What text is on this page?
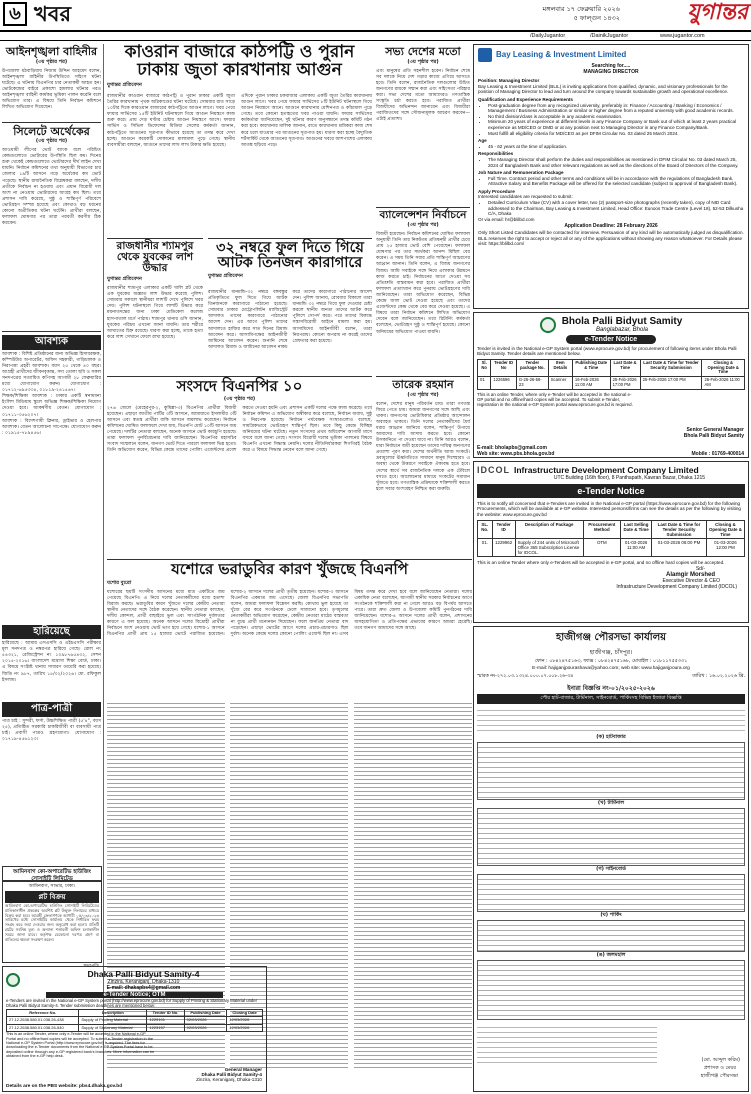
৬ খবর	মঙ্গলবার ১৭ ফেব্রুয়ারি ২০২৬
৫ ফাল্গুন ১৪৩২	যুগান্তর
/DailyJugantor	/DainikJugantor	www.jugantor.com
আইনশৃঙ্খলা বাহিনীর
(৩য় পৃষ্ঠার পর)
উপজেলা মঠবাড়িয়ায় নিজাম উদ্দিন আহমেদ বলেন, আইনশৃঙ্খলা বাহিনীর উপস্থিতিতে সহিংস ঘটনা ঘটেছে। এ ঘটনায় বিএনপির চার নেতাকর্মী আহত হন। ভোটকেন্দ্রের বাইরে প্রকাশ্যে হামলার ঘটনার পরও আইনশৃঙ্খলা বাহিনী কার্যকর ভূমিকা পালন করেনি বলে অভিযোগ তার। এ বিষয়ে তিনি নির্বাচন কমিশনে লিখিত অভিযোগ দিয়েছেন।
সিলেটে অর্থেকের
(৩য় পৃষ্ঠার পর)
আওয়ামী লীগের ভোট ব্যাংক বলে পরিচিত কেন্দ্রগুলোতে ভোটারের উপস্থিতি ছিল কম। দিনের শুরু থেকেই কেন্দ্রগুলোতে ভোটারদের দীর্ঘ লাইন দেখা যায়নি। নির্বাচন কমিশনের তথ্য অনুযায়ী বিভাগের চার জেলার ১৯টি আসনে গড়ে অর্ধেকের কম ভোট পড়েছে। স্থানীয় রাজনৈতিক বিশ্লেষকরা বলছেন, দলীয় প্রতীকে নির্বাচন না হওয়ায় এবং প্রধান বিরোধী দল অংশ না নেওয়ায় ভোটারদের আগ্রহ কম ছিল। তবে প্রশাসন দাবি করেছে, সুষ্ঠু ও শান্তিপূর্ণ পরিবেশে ভোটগ্রহণ সম্পন্ন হয়েছে এবং কোথাও বড় ধরনের কোনো অপ্রীতিকর ঘটনা ঘটেনি। প্রার্থীরা বলছেন, ফলাফল ঘোষণার পর তারা পরবর্তী করণীয় ঠিক করবেন।
আবশ্যক
আবশ্যক : বিশিষ্ট প্রতিষ্ঠানের জন্য অভিজ্ঞ হিসাবরক্ষক, কম্পিউটার অপারেটর, অফিস সহকারী, গাড়িচালক ও নিরাপত্তা প্রহরী আবশ্যক। বয়স ২৫ থেকে ৪০ বছর। আগ্রহী প্রার্থীদের জীবনবৃত্তান্ত, সদ্য তোলা ছবি ও সকল সনদপত্রের সত্যায়িত কপিসহ আগামী ২৮ ফেব্রুয়ারির মধ্যে যোগাযোগ করুন। যোগাযোগ : ০১৭১২-৬৯৫৩৩৪, ০১৮১৯-২৪১৫৬৭।
শিক্ষক/শিক্ষিকা আবশ্যক : ঢাকার একটি স্বনামধন্য ইংলিশ মিডিয়াম স্কুলে অভিজ্ঞ শিক্ষক/শিক্ষিকা নিয়োগ দেওয়া হবে। আকর্ষণীয় বেতন। যোগাযোগ : ০১৭১১-৩৫৬২০৭।
আবশ্যক : বিদেশগামী ক্লিনার, ড্রাইভার ও হেলপার আবশ্যক। বেতন আলোচনা সাপেক্ষে। যোগাযোগ করুন : ০১৯১৫-৭৮৯৪৫৬।
হারিয়েছে
হারিয়েছে : আমার এসএসসি ও এইচএসসি পরীক্ষার মূল সনদপত্র ও নম্বরপত্র হারিয়ে গেছে। রোল নং ৫৪৩২১, রেজিস্ট্রেশন নং ১০৯৮৭৬৫৪৩২, সেশন ২০১৫-২০১৬। বাংলাদেশ মাদ্রাসা শিক্ষা বোর্ড, ঢাকা। এ বিষয়ে সংশ্লিষ্ট থানায় সাধারণ ডায়েরি করা হয়েছে। জিডি নং ৯৮৭, তারিখ ১৫/০২/২০২৬। মো. রফিকুল ইসলাম।
পাত্র-পাত্রী
পাত্র চাই : সুন্দরী, ফর্সা, উচ্চশিক্ষিত পাত্রী (৫'৪", বয়স ২৫), প্রতিষ্ঠিত সরকারি চাকরিজীবী বা ব্যবসায়ী পাত্র চাই। প্রবাসী পাত্রও গ্রহণযোগ্য। যোগাযোগ : ০১৭১৯-৪৫৬১২৩।
কাওরান বাজারে কাঠপট্টি ও পুরান
ঢাকায় জুতা কারখানায় আগুন
যুগান্তর প্রতিবেদন
রাজধানীর কাওরান বাজারে কাঠপট্টি ও পুরান ঢাকার একটি জুতা তৈরির কারখানায় পৃথক অগ্নিকাণ্ডের ঘটনা ঘটেছে। সোমবার রাত সাড়ে ১০টার দিকে কারওয়ান বাজারের কাঠপট্টিতে আগুন লাগে। খবর পেয়ে ফায়ার সার্ভিসের ১৫টি ইউনিট ঘটনাস্থলে গিয়ে আগুন নিয়ন্ত্রণে কাজ শুরু করে। প্রায় দেড় ঘণ্টার চেষ্টায় আগুন নিয়ন্ত্রণে আসে। ফায়ার সার্ভিস ও সিভিল ডিফেন্সের মিডিয়া সেলের কর্মকর্তা জানান, কাঠপট্টিতে আগুনের সূত্রপাত কীভাবে হয়েছে তা তদন্ত করে দেখা হচ্ছে। আগুনে কয়েকটি দোকানের মালামাল পুড়ে গেছে। স্থানীয় ব্যবসায়ীরা বলছেন, আগুনে তাদের লাখ লাখ টাকার ক্ষতি হয়েছে।
এদিকে পুরান ঢাকার চকবাজার এলাকায় একটি জুতা তৈরির কারখানায় আগুন লাগে। খবর পেয়ে ফায়ার সার্ভিসের ৮টি ইউনিট ঘটনাস্থলে গিয়ে আগুন নিয়ন্ত্রণে আনে। আগুনে কারখানার মেশিনপত্র ও কাঁচামাল পুড়ে গেছে। তবে কোনো হতাহতের খবর পাওয়া যায়নি। ফায়ার সার্ভিসের কর্মকর্তারা জানিয়েছেন, দুই ঘটনার কারণ অনুসন্ধানে তদন্ত কমিটি গঠন করা হবে। কারখানার মালিক জানান, রাতে কারখানায় শ্রমিকরা কাজ শেষ করে চলে যাওয়ার পর আগুনের সূত্রপাত হয়। ধারণা করা হচ্ছে বৈদ্যুতিক শর্টসার্কিট থেকে আগুনের সূত্রপাত। আগুনের খবরে আশপাশের এলাকায় আতঙ্ক ছড়িয়ে পড়ে।
রাজধানীর শ্যামপুর থেকে যুবকের লাশ উদ্ধার
যুগান্তর প্রতিবেদন
রাজধানীর শ্যামপুর এলাকার একটি খালি প্লট থেকে এক যুবকের অজ্ঞাত লাশ উদ্ধার করেছে পুলিশ। সোমবার সকালে স্থানীয়রা লাশটি দেখে পুলিশে খবর দেয়। পুলিশ ঘটনাস্থলে গিয়ে লাশটি উদ্ধার করে ময়নাতদন্তের জন্য ঢাকা মেডিকেল কলেজ হাসপাতাল মর্গে পাঠায়। শ্যামপুর থানার ওসি জানান, যুবকের পরিচয় এখনো জানা যায়নি। তার শরীরে আঘাতের চিহ্ন রয়েছে। ধারণা করা হচ্ছে, তাকে হত্যা করে লাশ সেখানে ফেলে রাখা হয়েছে।
৩২ নম্বরে ফুল দিতে গিয়ে
আটক তিনজন কারাগারে
যুগান্তর প্রতিবেদন
রাজধানীর ধানমন্ডি-৩২ নম্বরে বঙ্গবন্ধুর প্রতিকৃতিতে ফুল দিতে গিয়ে আটক তিনজনকে কারাগারে পাঠানো হয়েছে। সোমবার ঢাকার মেট্রোপলিটন ম্যাজিস্ট্রেট আদালত তাদের কারাগারে পাঠানোর আদেশ দেন। এর আগে পুলিশ তাদের আদালতে হাজির করে সাত দিনের রিমান্ড আবেদন করে। আসামিপক্ষের আইনজীবী জামিনের আবেদন করেন। শুনানি শেষে আদালত রিমান্ড ও জামিনের আবেদন নাকচ করে তাদের কারাগারে পাঠানোর আদেশ দেন। পুলিশ জানায়, রোববার বিকালে তারা ধানমন্ডি ৩২ নম্বরে গিয়ে ফুল দেওয়ার চেষ্টা করলে স্থানীয় জনতা তাদের আটক করে পুলিশে সোপর্দ করে। পরে তাদের বিরুদ্ধে সন্ত্রাসবিরোধী আইনে মামলা করা হয়। আসামিদের আইনজীবী বলেন, তারা নিরপরাধ। কোনো অপরাধ না করেই তাদের গ্রেফতার করা হয়েছে।
সভ্য দেশের মতো
(৩য় পৃষ্ঠার পর)
এবং মানুষের প্রতি সহনশীল হবেন। নির্বাচন শেষে সব দলকে নিয়ে দেশ গড়ার কাজে এগিয়ে আসতে হবে। তিনি বলেন, রাজনৈতিক দলগুলোর উচিত জনগণের রায়কে সম্মান করা এবং সহিংসতা পরিহার করা। সভ্য দেশের মতো আমাদেরও গণতান্ত্রিক সংস্কৃতি চর্চা করতে হবে। পরাজিত প্রার্থীরা বিজয়ীদের অভিনন্দন জানাবেন এবং বিজয়ীরা পরাজিতদের সঙ্গে সৌজন্যমূলক আচরণ করবেন—এটাই প্রত্যাশা।
ব্যালেন্সেশন নির্বাচনে
(৩য় পৃষ্ঠার পর)
বিজয়ী হয়েছেন। নির্বাচন কমিশনের ঘোষিত ফলাফল অনুযায়ী তিনি তার নিকটতম প্রতিদ্বন্দ্বী প্রার্থীর চেয়ে প্রায় ২৫ হাজার ভোট বেশি পেয়েছেন। ফলাফল ঘোষণার পর তার সমর্থকরা আনন্দ মিছিল বের করেন। এ সময় তিনি সবার প্রতি শান্তিপূর্ণ আচরণের আহ্বান জানান। তিনি বলেন, এ বিজয় জনগণের বিজয়। আমি সবাইকে সঙ্গে নিয়ে এলাকার উন্নয়নে কাজ করতে চাই। নির্বাচনের আগে দেওয়া সব প্রতিশ্রুতি বাস্তবায়ন করা হবে। পরাজিত প্রার্থীরা ফলাফল প্রত্যাখ্যান করে পুনরায় ভোটগ্রহণের দাবি জানিয়েছেন। তারা অভিযোগ করেছেন, বিভিন্ন কেন্দ্রে জাল ভোট দেওয়া হয়েছে এবং তাদের এজেন্টদের কেন্দ্র থেকে বের করে দেওয়া হয়েছে। এ বিষয়ে তারা নির্বাচন কমিশনে লিখিত অভিযোগ দেবেন বলে জানিয়েছেন। তবে রিটার্নিং কর্মকর্তা বলেছেন, ভোটগ্রহণ সুষ্ঠু ও শান্তিপূর্ণ হয়েছে। কোনো অনিয়মের অভিযোগ পাওয়া যায়নি।
Bay Leasing & Investment Limited
Searching for.....
MANAGING DIRECTOR
Position: Managing Director
Bay Leasing & Investment Limited (BLIL) is inviting applications from qualified, dynamic, and visionary professionals for the position of Managing Director to lead and turn around the company towards sustainable growth and operational excellence.
Qualification and Experience Requirements
• Post-graduation degree from any recognized university, preferably in: Finance / Accounting / Banking / Economics / Management / Business Administration or similar or higher degree from a reputed university with good academic records.
• No third division/class is acceptable in any academic examination.
• Minimum 20 years of experience at different levels in any Finance Company or Bank out of which at least 2 years practical experience as MD/CEO or DMD or at any position next to Managing Director in any Finance Company/Bank.
• Must fulfill all eligibility criteria for MD/CEO as per DFIM Circular No. 03 dated 25 March 2024.
Age
• 45 - 62 years at the time of application.
Responsibilities
• The Managing Director shall perform the duties and responsibilities as mentioned in DFIM Circular No. 03 dated March 25, 2024 of Bangladesh Bank and other relevant regulations as well as the directions of the Board of Directors of the Company.
Job Nature and Remuneration Package
• Full Time. Contract period and other terms and conditions will be in accordance with the regulations of Bangladesh Bank. Attractive Salary and Benefits Package will be offered for the selected candidate (subject to approval of Bangladesh Bank).
Apply Procedure
Interested candidates are requested to submit:
• Detailed Curriculum Vitae (CV) with a cover letter, two (2) passport-size photographs (recently taken), copy of NID Card addressed to the Chairman, Bay Leasing & Investment Limited, Head Office: Eunoos Trade Centre (Level 18), 52-53 Dilkusha C/A, Dhaka
Or via email: hr@blilbd.com
Application Deadline: 28 February 2026
Only Short Listed Candidates will be contacted for interview. Persuasion of any kind will be automatically judged as disqualification. BLIL reserves the right to accept or reject all or any of the applications without showing any reason whatsoever. For Details please visit: https://blilbd.com/
Bhola Palli Bidyut Samity
Banglabazar, Bhola
e-Tender Notice
Tender is invited in the National e-GP System portal (www.eprocure.gov.bd) for procurement of following items under Bhola Palli Bidyut Samity. Tender details are mentioned below.
Sl. No	Tender ID No	Tender package No.	Item Details	Publishing Date & Time	Last Date & Time	Last Date & Time for Tender Security Submission	Closing & Opening Date & Time
01	1226596	G-25-26-56-23	Scanner	16-Feb-2026 11:00 AM	25-Feb-2026 17:00 PM	25-Feb-2026 17:00 PM	26-Feb-2026 11:00 AM
This is an online Tender, where only e-Tender will be accepted in the national e-GP portal and no offline/hard copies will be accepted. To submit e-Tender, registration in the national e-GP System portal www.eprocure.gov.bd is required.
Senior General Manager
Bhola Palli Bidyut Samity
E-mail: bholapbs@gmail.com
Web site: www.pbs.bhola.gov.bd	Mobile : 01769-400014
সংসদে বিএনপির ১০
(৩য় পৃষ্ঠার পর)
২৭৬ জেলে (মেহেরপুর-২, কুমিল্লা-৩) বিএনপির প্রার্থীরা বিজয়ী হয়েছেন। এছাড়া জাতীয় পার্টির ৩টি আসনে, জামায়াতে ইসলামীর ৩টি আসনে এবং স্বতন্ত্র প্রার্থীরা বাকি আসনে জয়লাভ করেছেন। নির্বাচন কমিশনের ঘোষিত ফলাফলে দেখা যায়, বিএনপি মোট ১০টি আসনে জয় পেয়েছে। দলটির নেতারা বলছেন, অনেক আসনে ভোট কারচুপি হয়েছে। তারা ফলাফল পুনর্বিবেচনার দাবি জানিয়েছেন। বিএনপির মহাসচিব সংবাদ সম্মেলনে বলেন, জনগণ ভোট দিতে পারলে ফলাফল ভিন্ন হতো। তিনি অভিযোগ করেন, বিভিন্ন কেন্দ্রে তাদের পোলিং এজেন্টদের প্রবেশ করতে দেওয়া হয়নি এবং প্রশাসন একটি দলের পক্ষে কাজ করেছে। তবে নির্বাচন কমিশন এ অভিযোগ অস্বীকার করে বলেছে, নির্বাচন অবাধ, সুষ্ঠু ও নিরপেক্ষ হয়েছে। নির্বাচন পর্যবেক্ষক সংস্থাগুলোও বলেছে, সামগ্রিকভাবে ভোটগ্রহণ শান্তিপূর্ণ ছিল। তবে কিছু কেন্দ্রে বিচ্ছিন্ন অনিয়মের ঘটনা ঘটেছে। নতুন সংসদের প্রথম অধিবেশন আগামী মাসে বসবে বলে জানা গেছে। সংসদে বিরোধী দলের ভূমিকা পালনের বিষয়ে বিএনপি এখনো সিদ্ধান্ত নেয়নি। দলের নীতিনির্ধারকরা শিগগিরই বৈঠক করে এ বিষয়ে সিদ্ধান্ত নেবেন বলে জানা গেছে।
তারেক রহমান
(৩য় পৃষ্ঠার পর)
বলেন, দেশের মানুষ পরিবর্তন চায়। তারা গণতন্ত্র ফিরে পেতে চায়। আমরা জনগণের সঙ্গে আছি এবং থাকব। জনগণের ভোটাধিকার প্রতিষ্ঠার আন্দোলন অব্যাহত থাকবে। তিনি দলের নেতাকর্মীদের ধৈর্য ধরার আহ্বান জানিয়ে বলেন, শান্তিপূর্ণ উপায়ে আমাদের দাবি আদায় করতে হবে। কোনো উসকানিতে পা দেওয়া যাবে না। তিনি আরও বলেন, যারা নির্বাচনে জয়ী হয়েছেন তাদের দায়িত্ব জনগণের প্রত্যাশা পূরণ করা। দেশের অর্থনীতি আজ সংকটে। দ্রব্যমূল্যের ঊর্ধ্বগতিতে সাধারণ মানুষ দিশেহারা। এ অবস্থা থেকে উত্তরণে সবাইকে ঐক্যবদ্ধ হতে হবে। দেশের স্বার্থে সব রাজনৈতিক দলকে এক টেবিলে বসতে হবে। আলোচনার মাধ্যমে সংকটের সমাধান খুঁজতে হবে। গণতান্ত্রিক প্রক্রিয়াকে শক্তিশালী করতে হলে সবার অংশগ্রহণ নিশ্চিত করা জরুরি।
IDCOL Infrastructure Development Company Limited
UTC Building (16th floor), 8 Panthapath, Kawran Bazar, Dhaka 1215
e-Tender Notice
This is to notify all concerned that e-Tenders are invited in the National e-GP portal (https://www.eprocure.gov.bd) for the following Procurements, which will be available at e-GP website. Interested persons/firms can see the details as per the following by visiting the website: www.eprocure.gov.bd
SL. No.	Tender ID	Description of Package	Procurement Method	Last Selling Date & Time	Last Date & Time for Tender Security Submission	Closing & Opening Date & Time
01.	1229962	Supply of 244 units of Microsoft Office 365 Subscription License for IDCOL.	OTM	01-03-2026 11:00 AM	01-03-2026 06:00 PM	01-03-2026 12:00 PM
This is an online Tender where only e-Tenders will be accepted in e-GP portal, and no offline hard copies will be accepted.
Sd/-
Alamgir Morshed
Executive Director & CEO
Infrastructure Development Company Limited (IDCOL)
যশোরে ভরাডুবির কারণ খুঁজছে বিএনপি
যশোর ব্যুরো
যশোরের ছয়টি সংসদীয় আসনের মধ্যে মাত্র একটিতে জয় পেয়েছে বিএনপি। এ নিয়ে দলের নেতাকর্মীদের মধ্যে হতাশা বিরাজ করছে। ভরাডুবির কারণ খুঁজতে দলের কেন্দ্রীয় নেতারা স্থানীয় নেতাদের সঙ্গে বৈঠক করেছেন। স্থানীয় নেতারা বলছেন, দলীয় কোন্দল, প্রার্থী বাছাইয়ে ভুল এবং সাংগঠনিক দুর্বলতার কারণে এ ফল হয়েছে। অনেক আসনে দলের বিদ্রোহী প্রার্থীরা নির্বাচনে অংশ নেওয়ায় ভোট ভাগ হয়ে গেছে। যশোর-১ আসনে বিএনপির প্রার্থী প্রায় ১৫ হাজার ভোটে পরাজিত হয়েছেন। যশোর-২ আসনে দলের প্রার্থী তৃতীয় হয়েছেন। যশোর-৩ আসনে বিএনপির একমাত্র জয় এসেছে। জেলা বিএনপির সভাপতি বলেন, আমরা ফলাফল বিশ্লেষণ করছি। কোথায় ভুল হয়েছে তা খুঁজে বের করে সংগঠনকে ঢেলে সাজানো হবে। তৃণমূলের নেতাকর্মীরা অভিযোগ করেছেন, কেন্দ্রীয় নেতারা মাঠের বাস্তবতা না বুঝে প্রার্থী মনোনয়ন দিয়েছেন। ফলে জনপ্রিয় নেতারা বাদ পড়েছেন। এছাড়া ভোটের আগে দলের প্রচার-প্রচারণাও ছিল দুর্বল। অনেক কেন্দ্রে দলের কোনো পোলিং এজেন্ট ছিল না। এসব বিষয় তদন্ত করে দেখা হবে বলে জানিয়েছেন নেতারা। দলের একাধিক নেতা বলেছেন, আগামী স্থানীয় সরকার নির্বাচনের আগে সংগঠনকে শক্তিশালী করা না গেলে আরও বড় বিপর্যয় আসতে পারে। তারা দ্রুত জেলা ও উপজেলা কমিটি পুনর্গঠনের দাবি জানিয়েছেন। যশোর-৪ আসনে দলের প্রার্থী বলেন, প্রশাসনের অসহযোগিতা ও প্রতিপক্ষের প্রভাবের কারণে আমরা হেরেছি। তবে জনগণ আমাদের সঙ্গে আছে।
হাজীগঞ্জ পৌরসভা কার্যালয়
হাজীগঞ্জ, চাঁদপুর।
ফোন : ০৮৪২৪৭৫১৬৩, ফ্যাক্স : ০৮৪২৪৭৫১৬৮, মোবাইল : ০১৮১১৭৫৫৩৩১
E-mail: hajiganjpourashava@yahoo.com; web site: www.hajiganjpoura.org
স্মারক নং-২৭২.০৩.১৩২৪.০০০.০৭.০০৮.২৬-৩৪	তারিখ : ১৬.০২.২০২৬ খ্রি.
ইনারা বিজ্ঞপ্তি নং-০১/২০২৫-২০২৬
পৌর হাট-বাজার, টার্মিনাল, সাইনবোর্ড, পার্কিংসহ বিভিন্ন ইজারা বিজ্ঞপ্তি
(ক) হাটবাজার
(খ) টার্মিনাল
(গ) সাইনবোর্ড
(ঘ) পার্কিং
(ঙ) জলমহাল
(মো. আব্দুল করিম)
প্রশাসক ও মেয়র
হাজীগঞ্জ পৌরসভা
Dhaka Palli Bidyut Samity-4
Zinzira, Keraniganj, Dhaka-1310
E-mail: dhakapbs4@gmail.com
e-Tender Notice; OTM
e-Tenders are invited in the National e-GP System portal (http://www.eprocure.gov.bd) for Supply of Printing & Stationary Material under Dhaka Palli Bidyut Samity-4. Tender submission deadlines are mentioned below:
Reference No.	Description	Tender ID No.	Publishing Date	Closing Date
27.12.2638.580.01.038.26-438	Supply of Printing Material	1229101	02/03/2026	12/03/2026
27.12.2638.580.01.038.26-540	Supply of Stationary Material	1223157	02/03/2026	12/03/2026
This is an online Tender, where only e-Tender will be accepted in the National e-GP Portal and no offline/hard copies will be accepted. To submit e-Tender registration in the National e-GP System Portal (http://www.eprocure.gov.bd) is required. The fees for downloading the e-Tender documents from the National e-GP System Portal have to be deposited online through any e-GP registered bank's branches. More information can be obtained from the e-GP help desk.
General Manager
Dhaka Palli Bidyut Samity-4
Zinzira, Keraniganj, Dhaka-1310
Details are on the PBS website: pbs4.dhaka.gov.bd
আমিনবাগ কো-অপারেটিভ হাউজিং সোসাইটি লিমিটেড
আমিনবাগ, সাভার, ঢাকা।
প্লট বিক্রয়
আমিনবাগ কো-অপারেটিভ হাউজিং সোসাইটি লিমিটেডের মালিকানাধীন প্রকল্পের অবশিষ্ট প্লট উন্মুক্ত নিলামের মাধ্যমে বিক্রয় করা হবে। আগ্রহী ক্রেতাগণকে আগামী ০৫/০৩/২০২৬ তারিখের মধ্যে সোসাইটির কার্যালয় থেকে নির্ধারিত ফরম সংগ্রহ করে জমা দেওয়ার জন্য অনুরোধ করা হলো। প্রতিটি প্লটের সর্বনিম্ন মূল্য ও অন্যান্য শর্তাবলী অফিস চলাকালীন সময়ে জানা যাবে। কর্তৃপক্ষ যেকোনো দরপত্র গ্রহণ বা বাতিলের ক্ষমতা সংরক্ষণ করেন।
সভাপতি
